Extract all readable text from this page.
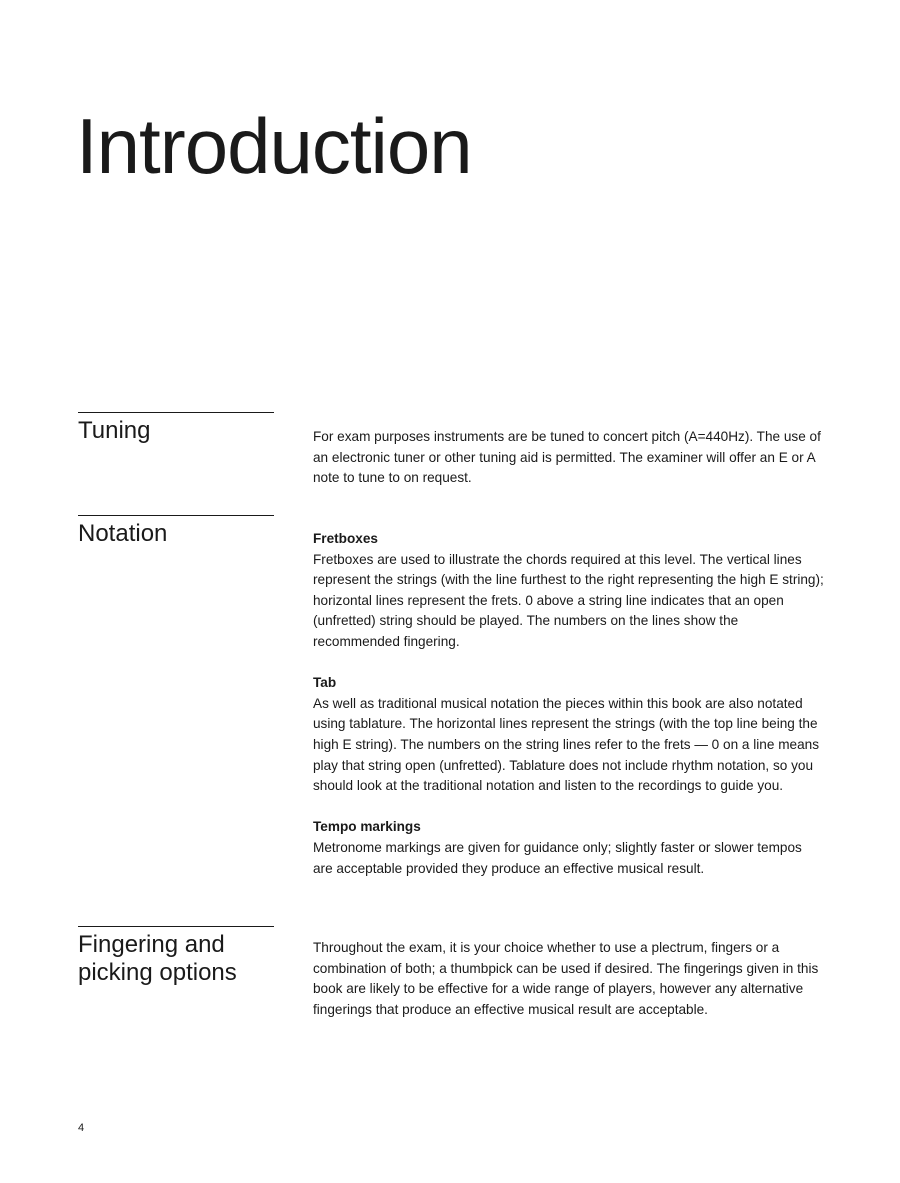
Introduction
Tuning	For exam purposes instruments are be tuned to concert pitch (A=440Hz). The use of an electronic tuner or other tuning aid is permitted. The examiner will offer an E or A note to tune to on request.

Notation	Fretboxes

Fretboxes are used to illustrate the chords required at this level. The vertical lines represent the strings (with the line furthest to the right representing the high E string); horizontal lines represent the frets. 0 above a string line indicates that an open (unfretted) string should be played. The numbers on the lines show the recommended fingering.

Tab

As well as traditional musical notation the pieces within this book are also notated using tablature. The horizontal lines represent the strings (with the top line being the high E string). The numbers on the string lines refer to the frets — 0 on a line means play that string open (unfretted). Tablature does not include rhythm notation, so you should look at the traditional notation and listen to the recordings to guide you.

Tempo markings

Metronome markings are given for guidance only; slightly faster or slower tempos are acceptable provided they produce an effective musical result.

Fingering and
picking options

Throughout the exam, it is your choice whether to use a plectrum, fingers or a combination of both; a thumbpick can be used if desired. The fingerings given in this book are likely to be effective for a wide range of players, however any alternative fingerings that produce an effective musical result are acceptable.

4
